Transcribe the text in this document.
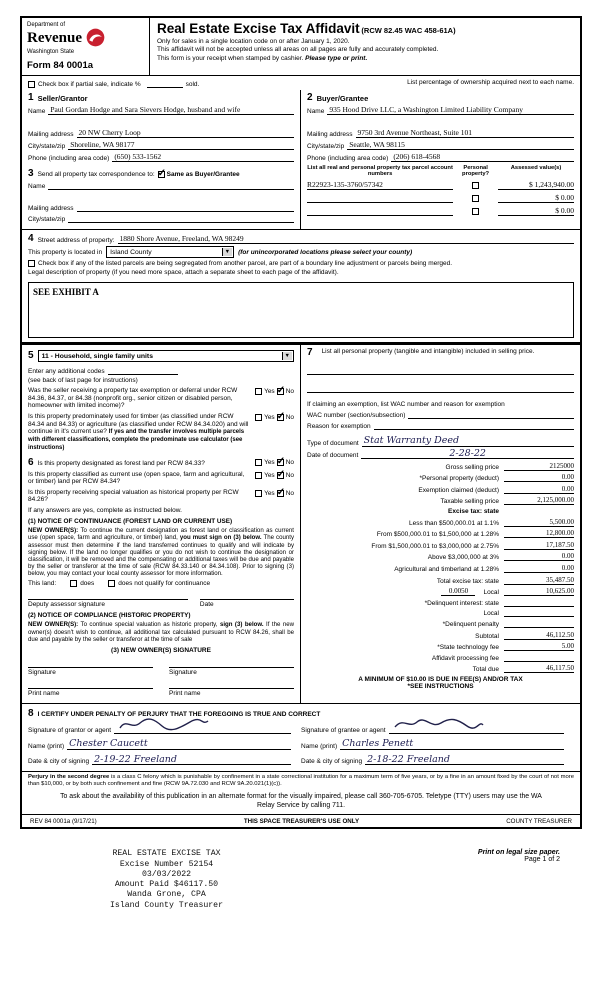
Department of
Revenue
Washington State
Form 84 0001a
Real Estate Excise Tax Affidavit (RCW 82.45 WAC 458-61A)
Only for sales in a single location code on or after January 1, 2020.
This affidavit will not be accepted unless all areas on all pages are fully and accurately completed.
This form is your receipt when stamped by cashier. Please type or print.
Check box if partial sale, indicate %	sold.	List percentage of ownership acquired next to each name.
1 Seller/Grantor
Name Paul Gordan Hodge and Sara Sievers Hodge, husband and wife
Mailing address 20 NW Cherry Loop
City/state/zip Shoreline, WA 98177
Phone (including area code) (650) 533-1562
3 Send all property tax correspondence to: ✓ Same as Buyer/Grantee
Name
Mailing address
City/state/zip
2 Buyer/Grantee
Name 935 Hood Drive LLC, a Washington Limited Liability Company
Mailing address 9750 3rd Avenue Northeast, Suite 101
City/state/zip Seattle, WA 98115
Phone (including area code) (206) 618-4568
List all real and personal property tax parcel account numbers
Personal property?
Assessed value(s)
R22923-135-3760/57342	$ 1,243,940.00
$ 0.00
$ 0.00
4 Street address of property: 1880 Shore Avenue, Freeland, WA 98249
This property is located in Island County	▼	(for unincorporated locations please select your county)
Check box if any of the listed parcels are being segregated from another parcel, are part of a boundary line adjustment or parcels being merged.
Legal description of property (if you need more space, attach a separate sheet to each page of the affidavit).
SEE EXHIBIT A
5 11 - Household, single family units	▼
Enter any additional codes
(see back of last page for instructions)
Was the seller receiving a property tax exemption or deferral under RCW 84.36, 84.37, or 84.38 (nonprofit org., senior citizen or disabled person, homeowner with limited income)?
Yes ✓ No
Is this property predominately used for timber (as classified under RCW 84.34 and 84.33) or agriculture (as classified under RCW 84.34.020) and will continue in it's current use? If yes and the transfer involves multiple parcels with different classifications, complete the predominate use calculator (see instructions)
Yes ✓ No
6 Is this property designated as forest land per RCW 84.33?	Yes ✓ No
Is this property classified as current use (open space, farm and agricultural, or timber) land per RCW 84.34?
Yes ✓ No
Is this property receiving special valuation as historical property per RCW 84.26?
Yes ✓ No
If any answers are yes, complete as instructed below.
(1) NOTICE OF CONTINUANCE (FOREST LAND OR CURRENT USE)
NEW OWNER(S): To continue the current designation as forest land or classification as current use (open space, farm and agriculture, or timber) land, you must sign on (3) below. The county assessor must then determine if the land transferred continues to qualify and will indicate by signing below. If the land no longer qualifies or you do not wish to continue the designation or classification, it will be removed and the compensating or additional taxes will be due and payable by the seller or transferor at the time of sale (RCW 84.33.140 or 84.34.108). Prior to signing (3) below, you may contact your local county assessor for more information.
This land:	does	does not qualify for continuance
Deputy assessor signature	Date
(2) NOTICE OF COMPLIANCE (HISTORIC PROPERTY)
NEW OWNER(S): To continue special valuation as historic property, sign (3) below. If the new owner(s) doesn't wish to continue, all additional tax calculated pursuant to RCW 84.26, shall be due and payable by the seller or transferor at the time of sale
(3) NEW OWNER(S) SIGNATURE
Signature	Signature
Print name	Print name
7 List all personal property (tangible and intangible) included in selling price.
If claiming an exemption, list WAC number and reason for exemption
WAC number (section/subsection)
Reason for exemption
Type of document Stat Warranty Deed
Date of document	2-28-22
Gross selling price	2125000
*Personal property (deduct)	0.00
Exemption claimed (deduct)	0.00
Taxable selling price	2,125,000.00
Excise tax: state
Less than $500,000.01 at 1.1%	5,500.00
From $500,000.01 to $1,500,000 at 1.28%	12,800.00
From $1,500,000.01 to $3,000,000 at 2.75%	17,187.50
Above $3,000,000 at 3%	0.00
Agricultural and timberland at 1.28%	0.00
Total excise tax: state	35,487.50
0.0050	Local	10,625.00
*Delinquent interest: state
Local
*Delinquent penalty
Subtotal	46,112.50
*State technology fee	5.00
Affidavit processing fee
Total due	46,117.50
A MINIMUM OF $10.00 IS DUE IN FEE(S) AND/OR TAX
*SEE INSTRUCTIONS
8 I CERTIFY UNDER PENALTY OF PERJURY THAT THE FOREGOING IS TRUE AND CORRECT
Signature of grantor or agent
Name (print) Chester Caucett
Date & city of signing 2-19-22 Freeland
Signature of grantee or agent
Name (print) Charles Penett
Date & city of signing 2-18-22 Freeland
Perjury in the second degree is a class C felony which is punishable by confinement in a state correctional institution for a maximum term of five years, or by a fine in an amount fixed by the court of not more than $10,000, or by both such confinement and fine (RCW 9A.72.030 and RCW 9A.20.021(1)(c)).
To ask about the availability of this publication in an alternate format for the visually impaired, please call 360-705-6705. Teletype (TTY) users may use the WA Relay Service by calling 711.
REV 84 0001a (9/17/21)	THIS SPACE TREASURER'S USE ONLY	COUNTY TREASURER
REAL ESTATE EXCISE TAX
Excise Number 52154
03/03/2022
Amount Paid $46117.50
Wanda Grone, CPA
Island County Treasurer
Print on legal size paper.
Page 1 of 2
